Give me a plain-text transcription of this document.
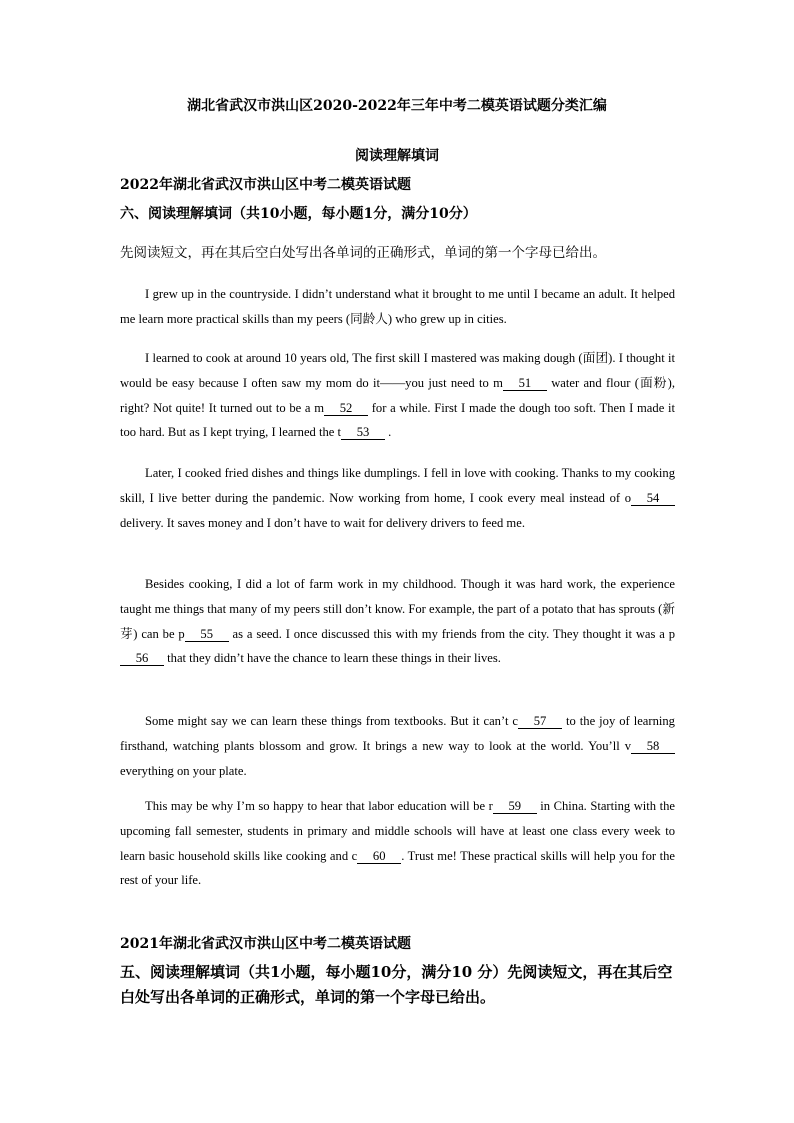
湖北省武汉市洪山区2020-2022年三年中考二模英语试题分类汇编
阅读理解填词
2022年湖北省武汉市洪山区中考二模英语试题
六、阅读理解填词（共10小题，每小题1分，满分10分）
先阅读短文，再在其后空白处写出各单词的正确形式，单词的第一个字母已给出。
I grew up in the countryside. I didn’t understand what it brought to me until I became an adult. It helped me learn more practical skills than my peers (同龄人) who grew up in cities.
I learned to cook at around 10 years old, The first skill I mastered was making dough (面团). I thought it would be easy because I often saw my mom do it——you just need to m 51 water and flour (面粉), right? Not quite! It turned out to be a m 52 for a while. First I made the dough too soft. Then I made it too hard. But as I kept trying, I learned the t 53 .
Later, I cooked fried dishes and things like dumplings. I fell in love with cooking. Thanks to my cooking skill, I live better during the pandemic. Now working from home, I cook every meal instead of o 54 delivery. It saves money and I don’t have to wait for delivery drivers to feed me.
Besides cooking, I did a lot of farm work in my childhood. Though it was hard work, the experience taught me things that many of my peers still don’t know. For example, the part of a potato that has sprouts (新芽) can be p 55 as a seed. I once discussed this with my friends from the city. They thought it was a p56 that they didn’t have the chance to learn these things in their lives.
Some might say we can learn these things from textbooks. But it can’t c 57 to the joy of learning firsthand, watching plants blossom and grow. It brings a new way to look at the world. You’ll v 58 everything on your plate.
This may be why I’m so happy to hear that labor education will be r 59 in China. Starting with the upcoming fall semester, students in primary and middle schools will have at least one class every week to learn basic household skills like cooking and c 60 . Trust me! These practical skills will help you for the rest of your life.
2021年湖北省武汉市洪山区中考二模英语试题
五、阅读理解填词（共1小题，每小题10分，满分10 分）先阅读短文，再在其后空白处写出各单词的正确形式，单词的第一个字母已给出。
